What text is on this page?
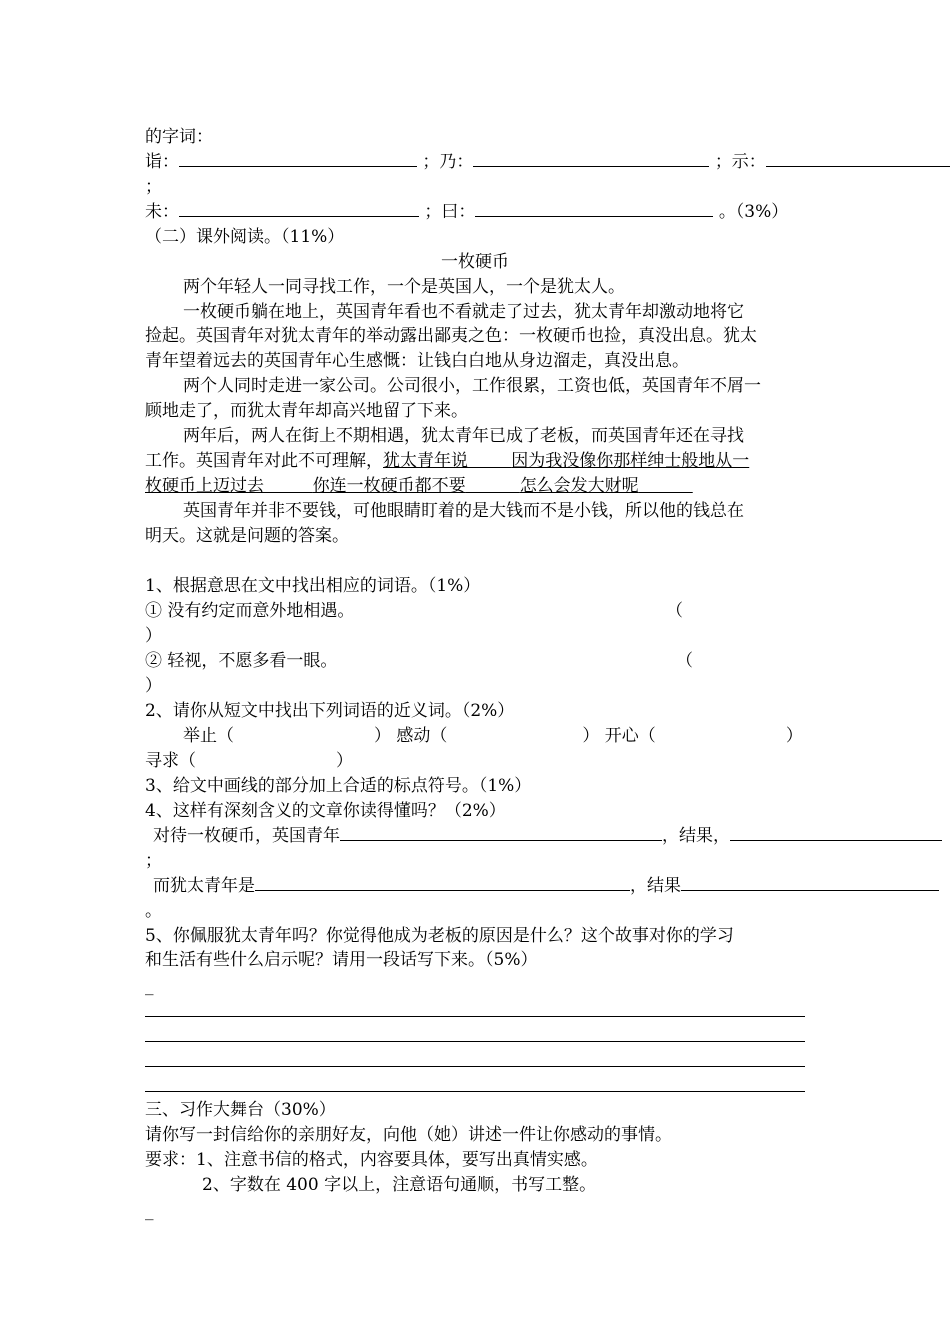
的字词：
诣：	；乃：	；示：
；
未：	；曰：	。（3%）
（二）课外阅读。（11%）
一枚硬币
两个年轻人一同寻找工作，一个是英国人，一个是犹太人。
一枚硬币躺在地上，英国青年看也不看就走了过去，犹太青年却激动地将它
捡起。英国青年对犹太青年的举动露出鄙夷之色：一枚硬币也捡，真没出息。犹太
青年望着远去的英国青年心生感慨：让钱白白地从身边溜走，真没出息。
两个人同时走进一家公司。公司很小，工作很累，工资也低，英国青年不屑一
顾地走了，而犹太青年却高兴地留了下来。
两年后，两人在街上不期相遇，犹太青年已成了老板，而英国青年还在寻找
工作。英国青年对此不可理解，犹太青年说	因为我没像你那样绅士般地从一
枚硬币上迈过去	你连一枚硬币都不要	怎么会发大财呢
英国青年并非不要钱，可他眼睛盯着的是大钱而不是小钱，所以他的钱总在
明天。这就是问题的答案。
1、根据意思在文中找出相应的词语。（1%）
① 没有约定而意外地相遇。	（
）
② 轻视，不愿多看一眼。	（
）
2、请你从短文中找出下列词语的近义词。（2%）
举止（	） 感动（	） 开心（	）
寻求（	）
3、给文中画线的部分加上合适的标点符号。（1%）
4、这样有深刻含义的文章你读得懂吗？（2%）
对待一枚硬币，英国青年	，结果，
；
而犹太青年是	，结果
。
5、你佩服犹太青年吗？你觉得他成为老板的原因是什么？这个故事对你的学习
和生活有些什么启示呢？请用一段话写下来。（5%）
_
三、习作大舞台（30%）
请你写一封信给你的亲朋好友，向他（她）讲述一件让你感动的事情。
要求：1、注意书信的格式，内容要具体，要写出真情实感。
2、字数在 400 字以上，注意语句通顺，书写工整。
_
